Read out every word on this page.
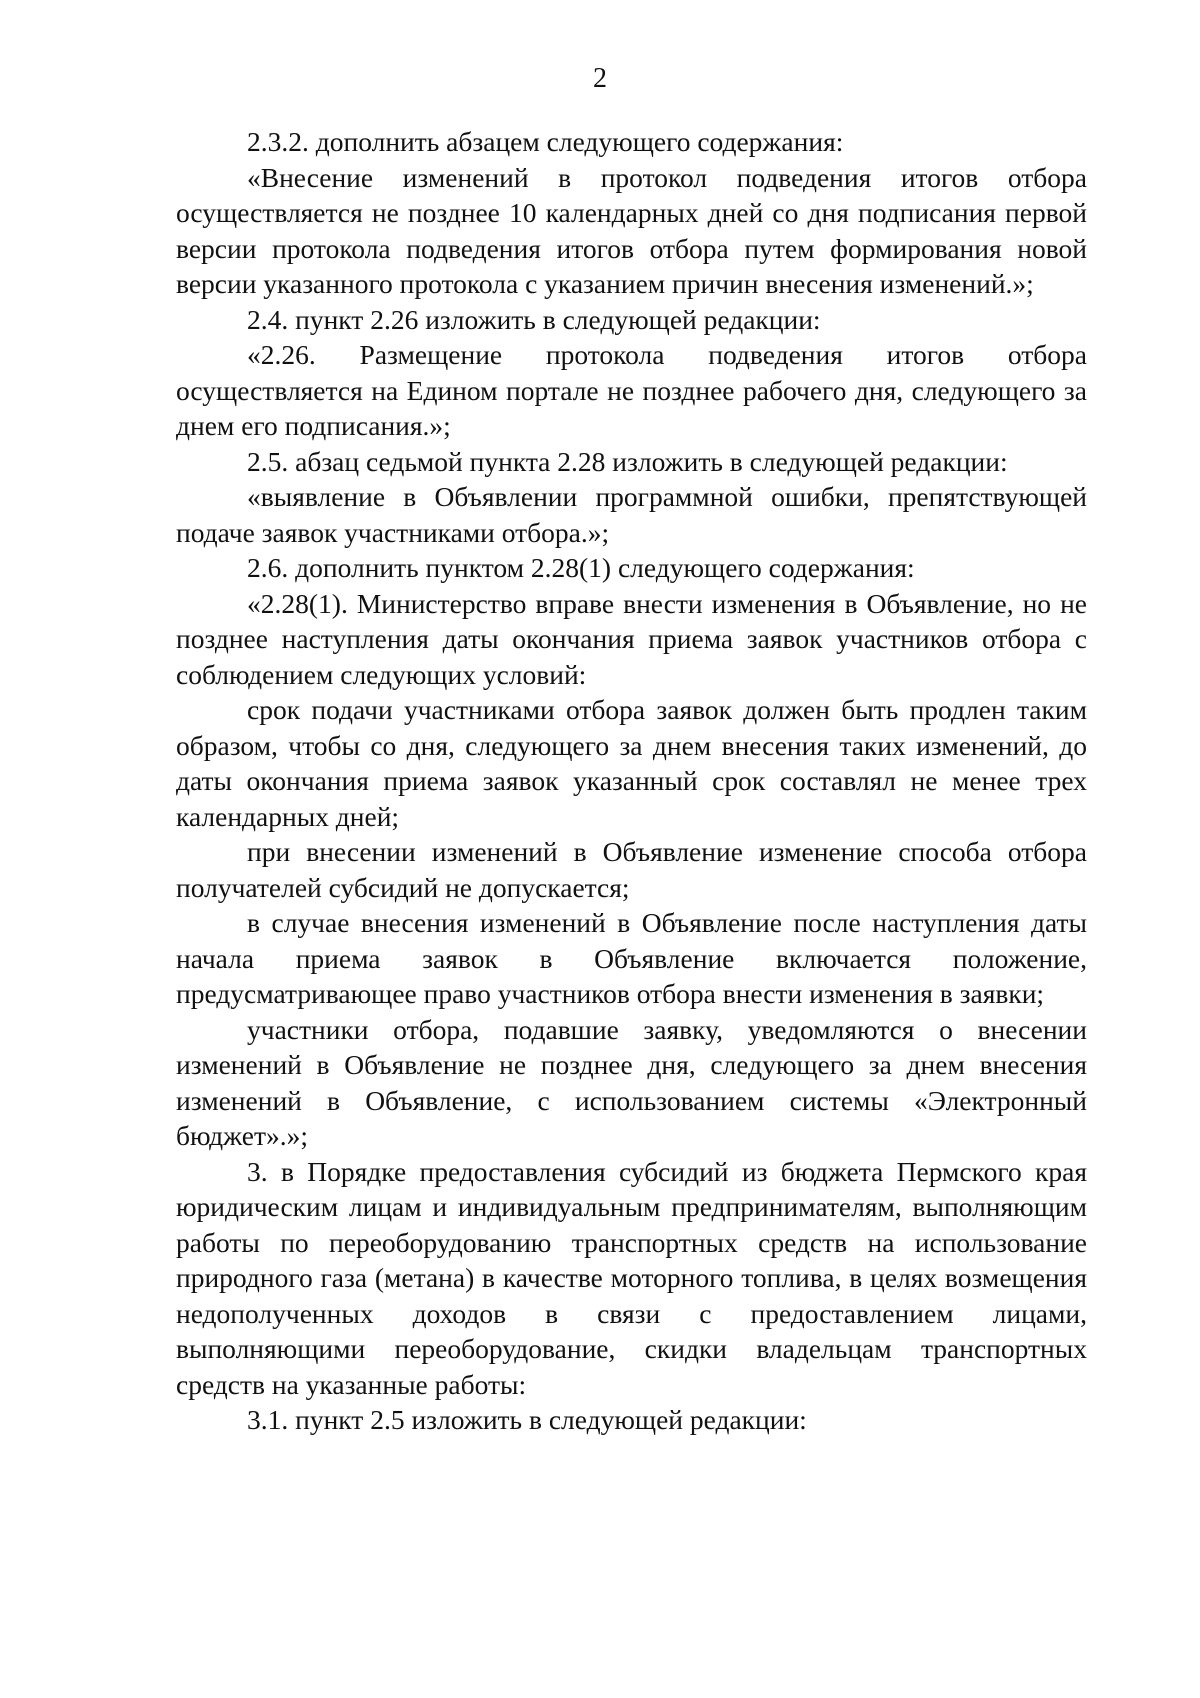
2

2.3.2. дополнить абзацем следующего содержания:

«Внесение изменений в протокол подведения итогов отбора осуществляется не позднее 10 календарных дней со дня подписания первой версии протокола подведения итогов отбора путем формирования новой версии указанного протокола с указанием причин внесения изменений.»;

2.4. пункт 2.26 изложить в следующей редакции:

«2.26. Размещение протокола подведения итогов отбора осуществляется на Едином портале не позднее рабочего дня, следующего за днем его подписания.»;

2.5. абзац седьмой пункта 2.28 изложить в следующей редакции:

«выявление в Объявлении программной ошибки, препятствующей подаче заявок участниками отбора.»;

2.6. дополнить пунктом 2.28(1) следующего содержания:

«2.28(1). Министерство вправе внести изменения в Объявление, но не позднее наступления даты окончания приема заявок участников отбора с соблюдением следующих условий:

срок подачи участниками отбора заявок должен быть продлен таким образом, чтобы со дня, следующего за днем внесения таких изменений, до даты окончания приема заявок указанный срок составлял не менее трех календарных дней;

при внесении изменений в Объявление изменение способа отбора получателей субсидий не допускается;

в случае внесения изменений в Объявление после наступления даты начала приема заявок в Объявление включается положение, предусматривающее право участников отбора внести изменения в заявки;

участники отбора, подавшие заявку, уведомляются о внесении изменений в Объявление не позднее дня, следующего за днем внесения изменений в Объявление, с использованием системы «Электронный бюджет».»;

3. в Порядке предоставления субсидий из бюджета Пермского края юридическим лицам и индивидуальным предпринимателям, выполняющим работы по переоборудованию транспортных средств на использование природного газа (метана) в качестве моторного топлива, в целях возмещения недополученных доходов в связи с предоставлением лицами, выполняющими переоборудование, скидки владельцам транспортных средств на указанные работы:

3.1. пункт 2.5 изложить в следующей редакции:
